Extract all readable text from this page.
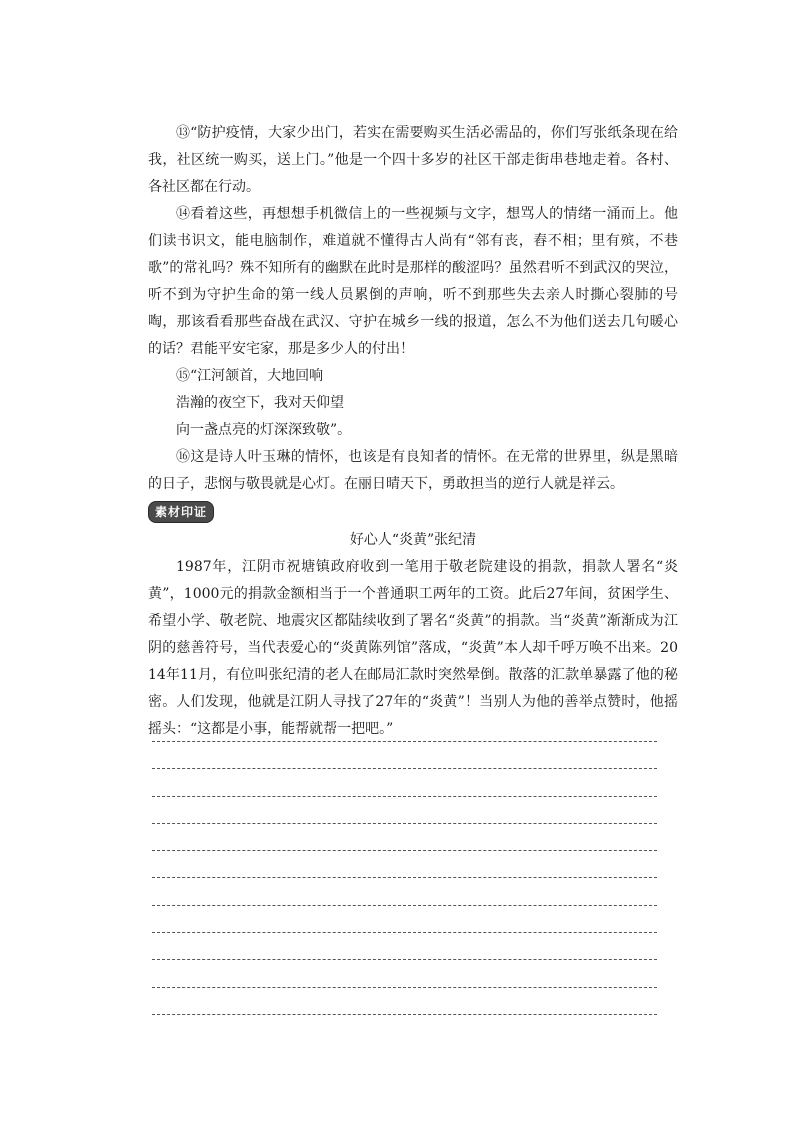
⑬“防护疫情，大家少出门，若实在需要购买生活必需品的，你们写张纸条现在给我，社区统一购买，送上门。”他是一个四十多岁的社区干部走街串巷地走着。各村、各社区都在行动。

⑭看着这些，再想想手机微信上的一些视频与文字，想骂人的情绪一涌而上。他们读书识文，能电脑制作，难道就不懂得古人尚有“邻有丧，舂不相；里有殡，不巷歌”的常礼吗？殊不知所有的幽默在此时是那样的酸涩吗？虽然君听不到武汉的哭泣，听不到为守护生命的第一线人员累倒的声响，听不到那些失去亲人时撕心裂肺的号啕，那该看看那些奋战在武汉、守护在城乡一线的报道，怎么不为他们送去几句暖心的话？君能平安宅家，那是多少人的付出！

⑮“江河颔首，大地回响

浩瀚的夜空下，我对天仰望

向一盏点亮的灯深深致敬”。

⑯这是诗人叶玉琳的情怀，也该是有良知者的情怀。在无常的世界里，纵是黑暗的日子，悲悯与敬畏就是心灯。在丽日晴天下，勇敢担当的逆行人就是祥云。

素材印证

好心人“炎黄”张纪清

1987年，江阴市祝塘镇政府收到一笔用于敬老院建设的捐款，捐款人署名“炎黄”，1000元的捐款金额相当于一个普通职工两年的工资。此后27年间，贫困学生、希望小学、敬老院、地震灾区都陆续收到了署名“炎黄”的捐款。当“炎黄”渐渐成为江阴的慈善符号，当代表爱心的“炎黄陈列馆”落成，“炎黄”本人却千呼万唤不出来。2014年11月，有位叫张纪清的老人在邮局汇款时突然晕倒。散落的汇款单暴露了他的秘密。人们发现，他就是江阴人寻找了27年的“炎黄”！当别人为他的善举点赞时，他摇摇头：“这都是小事，能帮就帮一把吧。”
